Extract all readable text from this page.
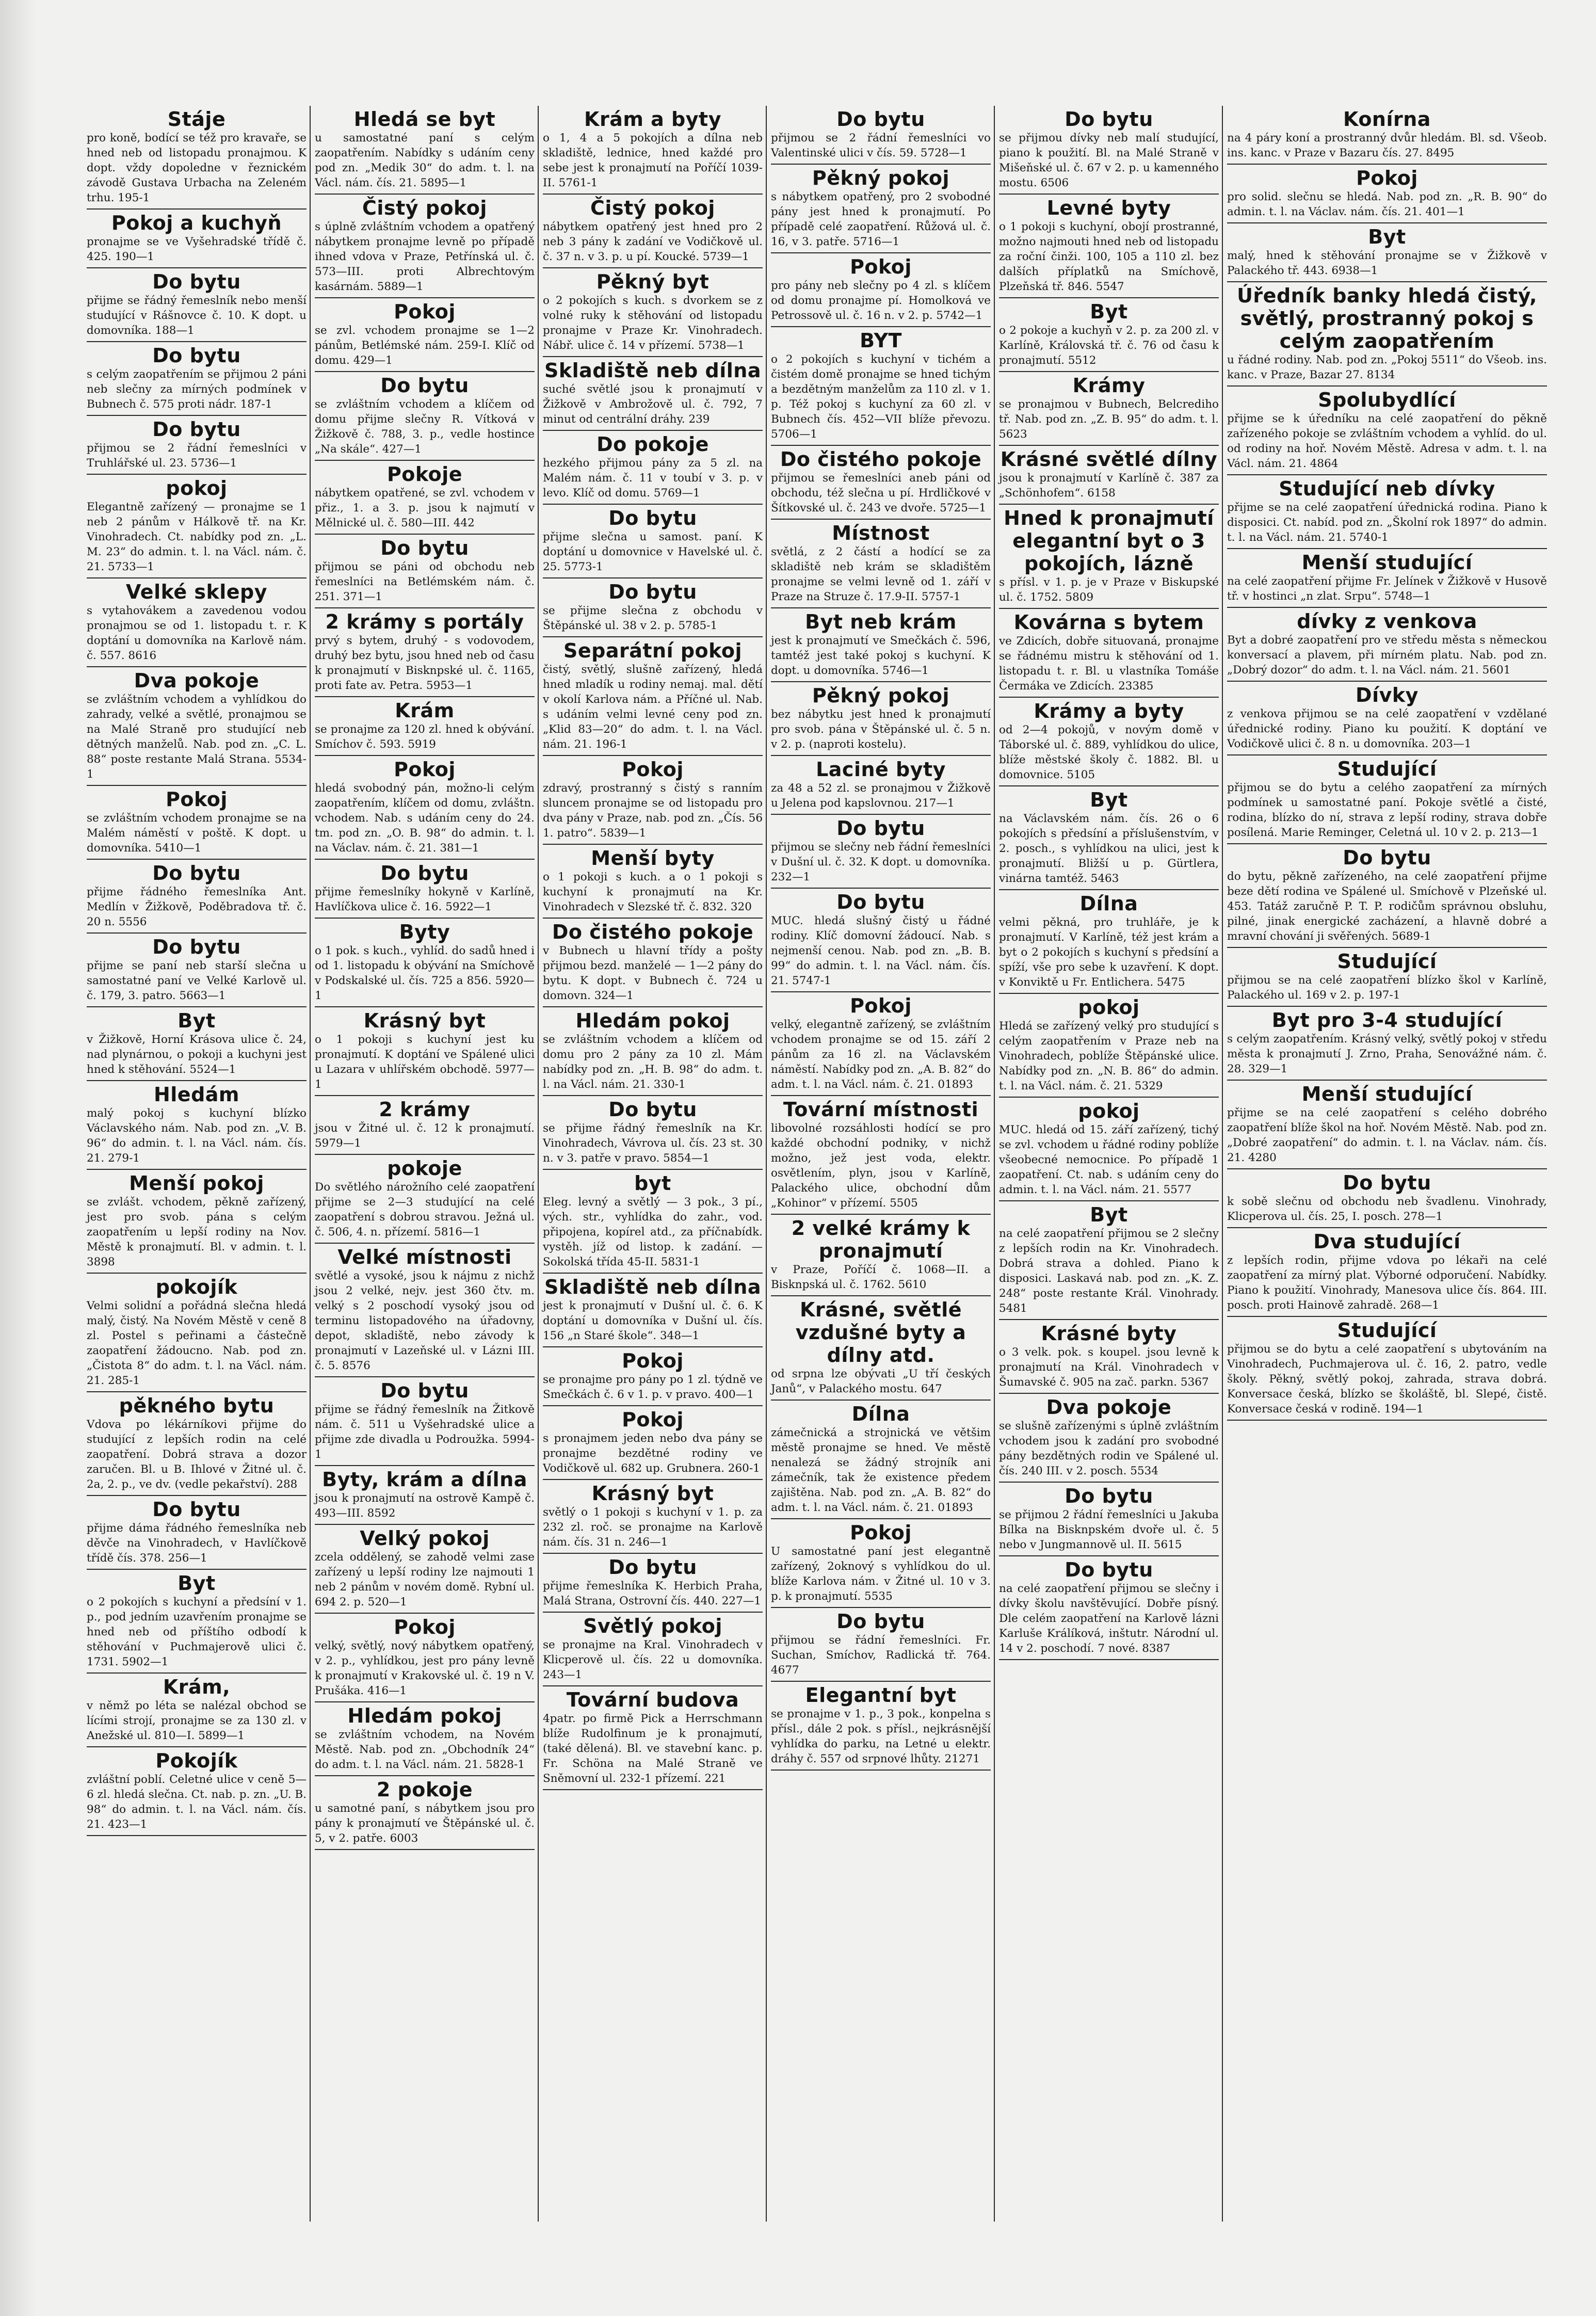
Stáje
pro koně, bodící se též pro kravaře, se hned neb od listopadu pronajmou. K dopt. vždy dopoledne v řeznickém závodě Gustava Urbacha na Zeleném trhu. 195-1
Pokoj a kuchyň
pronajme se ve Vyšehradské třídě č. 425. 190—1
Do bytu
přijme se řádný řemeslník nebo menší studující v Rášnovce č. 10. K dopt. u domovníka. 188—1
Do bytu
s celým zaopatřením se přijmou 2 páni neb slečny za mírných podmínek v Bubnech č. 575 proti nádr. 187-1
Do bytu
přijmou se 2 řádní řemeslníci v Truhlářské ul. 23. 5736—1
pokoj
Elegantně zařízený — pronajme se 1 neb 2 pánům v Hálkově tř. na Kr. Vinohradech. Ct. nabídky pod zn. „L. M. 23“ do admin. t. l. na Václ. nám. č. 21. 5733—1
Velké sklepy
s vytahovákem a zavedenou vodou pronajmou se od 1. listopadu t. r. K doptání u domovníka na Karlově nám. č. 557. 8616
Dva pokoje
se zvláštním vchodem a vyhlídkou do zahrady, velké a světlé, pronajmou se na Malé Straně pro studující neb dětných manželů. Nab. pod zn. „C. L. 88“ poste restante Malá Strana. 5534-1
Pokoj
se zvláštním vchodem pronajme se na Malém náměstí v poště. K dopt. u domovníka. 5410—1
Do bytu
přijme řádného řemeslníka Ant. Medlín v Žižkově, Poděbradova tř. č. 20 n. 5556
Do bytu
přijme se paní neb starší slečna u samostatné paní ve Velké Karlově ul. č. 179, 3. patro. 5663—1
Byt
v Žižkově, Horní Krásova ulice č. 24, nad plynárnou, o pokoji a kuchyni jest hned k stěhování. 5524—1
Hledám
malý pokoj s kuchyní blízko Václavského nám. Nab. pod zn. „V. B. 96“ do admin. t. l. na Václ. nám. čís. 21. 279-1
Menší pokoj
se zvlášt. vchodem, pěkně zařízený, jest pro svob. pána s celým zaopatřením u lepší rodiny na Nov. Městě k pronajmutí. Bl. v admin. t. l. 3898
pokojík
Velmi solidní a pořádná slečna hledá malý, čistý. Na Novém Městě v ceně 8 zl. Postel s peřinami a částečně zaopatření žádoucno. Nab. pod zn. „Čistota 8“ do adm. t. l. na Václ. nám. 21. 285-1
pěkného bytu
Vdova po lékárníkovi přijme do studující z lepších rodin na celé zaopatření. Dobrá strava a dozor zaručen. Bl. u B. Ihlové v Žitné ul. č. 2a, 2. p., ve dv. (vedle pekařství). 288
Do bytu
přijme dáma řádného řemeslníka neb děvče na Vinohradech, v Havlíčkově třídě čís. 378. 256—1
Byt
o 2 pokojích s kuchyní a předsíní v 1. p., pod jedním uzavřením pronajme se hned neb od příštího odbodí k stěhování v Puchmajerově ulici č. 1731. 5902—1
Krám,
v němž po léta se nalézal obchod se lícími strojí, pronajme se za 130 zl. v Anežské ul. 810—I. 5899—1
Pokojík
zvláštní poblí. Celetné ulice v ceně 5—6 zl. hledá slečna. Ct. nab. p. zn. „U. B. 98“ do admin. t. l. na Václ. nám. čís. 21. 423—1
Hledá se byt
u samostatné paní s celým zaopatřením. Nabídky s udáním ceny pod zn. „Medik 30“ do adm. t. l. na Václ. nám. čís. 21. 5895—1
Čistý pokoj
s úplně zvláštním vchodem a opatřený nábytkem pronajme levně po případě ihned vdova v Praze, Petřínská ul. č. 573—III. proti Albrechtovým kasárnám. 5889—1
Pokoj
se zvl. vchodem pronajme se 1—2 pánům, Betlémské nám. 259-I. Klíč od domu. 429—1
Do bytu
se zvláštním vchodem a klíčem od domu přijme slečny R. Vítková v Žižkově č. 788, 3. p., vedle hostince „Na skále“. 427—1
Pokoje
nábytkem opatřené, se zvl. vchodem v přiz., 1. a 3. p. jsou k najmutí v Mělnické ul. č. 580—III. 442
Do bytu
přijmou se páni od obchodu neb řemeslníci na Betlémském nám. č. 251. 371—1
2 krámy s portály
prvý s bytem, druhý - s vodovodem, druhý bez bytu, jsou hned neb od času k pronajmutí v Bisknpské ul. č. 1165, proti fate av. Petra. 5953—1
Krám
se pronajme za 120 zl. hned k obývání. Smíchov č. 593. 5919
Pokoj
hledá svobodný pán, možno-li celým zaopatřením, klíčem od domu, zvláštn. vchodem. Nab. s udáním ceny do 24. tm. pod zn. „O. B. 98“ do admin. t. l. na Václav. nám. č. 21. 381—1
Do bytu
přijme řemeslníky hokyně v Karlíně, Havlíčkova ulice č. 16. 5922—1
Byty
o 1 pok. s kuch., vyhlíd. do sadů hned i od 1. listopadu k obývání na Smíchově v Podskalské ul. čís. 725 a 856. 5920—1
Krásný byt
o 1 pokoji s kuchyní jest ku pronajmutí. K doptání ve Spálené ulici u Lazara v uhlířském obchodě. 5977—1
2 krámy
jsou v Žitné ul. č. 12 k pronajmutí. 5979—1
pokoje
Do světlého nárožního celé zaopatření přijme se 2—3 studující na celé zaopatření s dobrou stravou. Ježná ul. č. 506, 4. n. přízemí. 5816—1
Velké místnosti
světlé a vysoké, jsou k nájmu z nichž jsou 2 velké, nejv. jest 360 čtv. m. velký s 2 poschodí vysoký jsou od terminu listopadového na úřadovny, depot, skladiště, nebo závody k pronajmutí v Lazeňské ul. v Lázni III. č. 5. 8576
Do bytu
přijme se řádný řemeslník na Žitkově nám. č. 511 u Vyšehradské ulice a přijme zde divadla u Podroužka. 5994-1
Byty, krám a dílna
jsou k pronajmutí na ostrově Kampě č. 493—III. 8592
Velký pokoj
zcela oddělený, se zahodě velmi zase zařízený u lepší rodiny lze najmouti 1 neb 2 pánům v novém domě. Rybní ul. 694 2. p. 520—1
Pokoj
velký, světlý, nový nábytkem opatřený, v 2. p., vyhlídkou, jest pro pány levně k pronajmutí v Krakovské ul. č. 19 n V. Prušáka. 416—1
Hledám pokoj
se zvláštním vchodem, na Novém Městě. Nab. pod zn. „Obchodník 24“ do adm. t. l. na Václ. nám. 21. 5828-1
2 pokoje
u samotné paní, s nábytkem jsou pro pány k pronajmutí ve Štěpánské ul. č. 5, v 2. patře. 6003
Krám a byty
o 1, 4 a 5 pokojích a dílna neb skladiště, lednice, hned každé pro sebe jest k pronajmutí na Poříčí 1039-II. 5761-1
Čistý pokoj
nábytkem opatřený jest hned pro 2 neb 3 pány k zadání ve Vodičkově ul. č. 37 n. v 3. p. u pí. Koucké. 5739—1
Pěkný byt
o 2 pokojích s kuch. s dvorkem se z volné ruky k stěhování od listopadu pronajme v Praze Kr. Vinohradech. Nábř. ulice č. 14 v přízemí. 5738—1
Skladiště neb dílna
suché světlé jsou k pronajmutí v Žižkově v Ambrožově ul. č. 792, 7 minut od centrální dráhy. 239
Do pokoje
hezkého přijmou pány za 5 zl. na Malém nám. č. 11 v toubí v 3. p. v levo. Klíč od domu. 5769—1
Do bytu
přijme slečna u samost. paní. K doptání u domovnice v Havelské ul. č. 25. 5773-1
Do bytu
se přijme slečna z obchodu v Štěpánské ul. 38 v 2. p. 5785-1
Separátní pokoj
čistý, světlý, slušně zařízený, hledá hned mladík u rodiny nemaj. mal. dětí v okolí Karlova nám. a Příčné ul. Nab. s udáním velmi levné ceny pod zn. „Klid 83—20“ do adm. t. l. na Václ. nám. 21. 196-1
Pokoj
zdravý, prostranný s čistý s ranním sluncem pronajme se od listopadu pro dva pány v Praze, nab. pod zn. „Čís. 56 1. patro“. 5839—1
Menší byty
o 1 pokoji s kuch. a o 1 pokoji s kuchyní k pronajmutí na Kr. Vinohradech v Slezské tř. č. 832. 320
Do čistého pokoje
v Bubnech u hlavní třídy a pošty přijmou bezd. manželé — 1—2 pány do bytu. K dopt. v Bubnech č. 724 u domovn. 324—1
Hledám pokoj
se zvláštním vchodem a klíčem od domu pro 2 pány za 10 zl. Mám nabídky pod zn. „H. B. 98“ do adm. t. l. na Václ. nám. 21. 330-1
Do bytu
se přijme řádný řemeslník na Kr. Vinohradech, Vávrova ul. čís. 23 st. 30 n. v 3. patře v pravo. 5854—1
byt
Eleg. levný a světlý — 3 pok., 3 pí., vých. str., vyhlídka do zahr., vod. připojena, kopírel atd., za příčnabídk. vystěh. jíž od listop. k zadání. — Sokolská třída 45-II. 5831-1
Skladiště neb dílna
jest k pronajmutí v Dušní ul. č. 6. K doptání u domovníka v Dušní ul. čís. 156 „n Staré škole“. 348—1
Pokoj
se pronajme pro pány po 1 zl. týdně ve Smečkách č. 6 v 1. p. v pravo. 400—1
Pokoj
s pronajmem jeden nebo dva pány se pronajme bezdětné rodiny ve Vodičkově ul. 682 up. Grubnera. 260-1
Krásný byt
světlý o 1 pokoji s kuchyní v 1. p. za 232 zl. roč. se pronajme na Karlově nám. čís. 31 n. 246—1
Do bytu
přijme řemeslníka K. Herbich Praha, Malá Strana, Ostrovní čís. 440. 227—1
Světlý pokoj
se pronajme na Kral. Vinohradech v Klicperově ul. čís. 22 u domovníka. 243—1
Tovární budova
4patr. po firmě Pick a Herrschmann blíže Rudolfinum je k pronajmutí, (také dělená). Bl. ve stavební kanc. p. Fr. Schöna na Malé Straně ve Sněmovní ul. 232-1 přízemí. 221
Do bytu
přijmou se 2 řádní řemeslníci vo Valentinské ulici v čís. 59. 5728—1
Pěkný pokoj
s nábytkem opatřený, pro 2 svobodné pány jest hned k pronajmutí. Po případě celé zaopatření. Růžová ul. č. 16, v 3. patře. 5716—1
Pokoj
pro pány neb slečny po 4 zl. s klíčem od domu pronajme pí. Homolková ve Petrossově ul. č. 16 n. v 2. p. 5742—1
BYT
o 2 pokojích s kuchyní v tichém a čistém domě pronajme se hned tichým a bezdětným manželům za 110 zl. v 1. p. Též pokoj s kuchyní za 60 zl. v Bubnech čís. 452—VII blíže převozu. 5706—1
Do čistého pokoje
přijmou se řemeslníci aneb páni od obchodu, též slečna u pí. Hrdličkové v Šítkovské ul. č. 243 ve dvoře. 5725—1
Místnost
světlá, z 2 částí a hodící se za skladiště neb krám se skladištěm pronajme se velmi levně od 1. září v Praze na Struze č. 17.9-II. 5757-1
Byt neb krám
jest k pronajmutí ve Smečkách č. 596, tamtéž jest také pokoj s kuchyní. K dopt. u domovníka. 5746—1
Pěkný pokoj
bez nábytku jest hned k pronajmutí pro svob. pána v Štěpánské ul. č. 5 n. v 2. p. (naproti kostelu).
Laciné byty
za 48 a 52 zl. se pronajmou v Žižkově u Jelena pod kapslovnou. 217—1
Do bytu
přijmou se slečny neb řádní řemeslníci v Dušní ul. č. 32. K dopt. u domovníka. 232—1
Do bytu
MUC. hledá slušný čistý u řádné rodiny. Klíč domovní žádoucí. Nab. s nejmenší cenou. Nab. pod zn. „B. B. 99“ do admin. t. l. na Václ. nám. čís. 21. 5747-1
Pokoj
velký, elegantně zařízený, se zvláštním vchodem pronajme se od 15. září 2 pánům za 16 zl. na Václavském náměstí. Nabídky pod zn. „A. B. 82“ do adm. t. l. na Václ. nám. č. 21. 01893
Tovární místnosti
libovolné rozsáhlosti hodící se pro každé obchodní podniky, v nichž možno, jež jest voda, elektr. osvětlením, plyn, jsou v Karlíně, Palackého ulice, obchodní dům „Kohinor“ v přízemí. 5505
2 velké krámy k pronajmutí
v Praze, Poříčí č. 1068—II. a Bisknpská ul. č. 1762. 5610
Krásné, světlé vzdušné byty a dílny atd.
od srpna lze obývati „U tří českých Janů“, v Palackého mostu. 647
Dílna
zámečnická a strojnická ve většim městě pronajme se hned. Ve městě nenalezá se žádný strojník ani zámečník, tak že existence předem zajištěna. Nab. pod zn. „A. B. 82“ do adm. t. l. na Václ. nám. č. 21. 01893
Pokoj
U samostatné paní jest elegantně zařízený, 2oknový s vyhlídkou do ul. blíže Karlova nám. v Žitné ul. 10 v 3. p. k pronajmutí. 5535
Do bytu
přijmou se řádní řemeslníci. Fr. Suchan, Smíchov, Radlická tř. 764. 4677
Elegantní byt
se pronajme v 1. p., 3 pok., konpelna s přísl., dále 2 pok. s přísl., nejkrásnější vyhlídka do parku, na Letné u elektr. dráhy č. 557 od srpnové lhůty. 21271
Do bytu
se přijmou dívky neb malí studující, piano k použití. Bl. na Malé Straně v Mišeňské ul. č. 67 v 2. p. u kamenného mostu. 6506
Levné byty
o 1 pokoji s kuchyní, obojí prostranné, možno najmouti hned neb od listopadu za roční činži. 100, 105 a 110 zl. bez dalších příplatků na Smíchově, Plzeňská tř. 846. 5547
Byt
o 2 pokoje a kuchyň v 2. p. za 200 zl. v Karlíně, Královská tř. č. 76 od času k pronajmutí. 5512
Krámy
se pronajmou v Bubnech, Belcrediho tř. Nab. pod zn. „Z. B. 95“ do adm. t. l. 5623
Krásné světlé dílny
jsou k pronajmutí v Karlíně č. 387 za „Schönhofem“. 6158
Hned k pronajmutí elegantní byt o 3 pokojích, lázně
s přísl. v 1. p. je v Praze v Biskupské ul. č. 1752. 5809
Kovárna s bytem
ve Zdicích, dobře situovaná, pronajme se řádnému mistru k stěhování od 1. listopadu t. r. Bl. u vlastníka Tomáše Čermáka ve Zdicích. 23385
Krámy a byty
od 2—4 pokojů, v novým domě v Táborské ul. č. 889, vyhlídkou do ulice, blíže městské školy č. 1882. Bl. u domovnice. 5105
Byt
na Václavském nám. čís. 26 o 6 pokojích s předsíní a příslušenstvím, v 2. posch., s vyhlídkou na ulici, jest k pronajmutí. Bližší u p. Gürtlera, vinárna tamtéž. 5463
Dílna
velmi pěkná, pro truhláře, je k pronajmutí. V Karlíně, též jest krám a byt o 2 pokojích s kuchyní s předsíní a spíží, vše pro sebe k uzavření. K dopt. v Konviktě u Fr. Entlichera. 5475
pokoj
Hledá se zařízený velký pro studující s celým zaopatřením v Praze neb na Vinohradech, poblíže Štěpánské ulice. Nabídky pod zn. „N. B. 86“ do admin. t. l. na Václ. nám. č. 21. 5329
pokoj
MUC. hledá od 15. září zařízený, tichý se zvl. vchodem u řádné rodiny poblíže všeobecné nemocnice. Po případě 1 zaopatření. Ct. nab. s udáním ceny do admin. t. l. na Václ. nám. 21. 5577
Byt
na celé zaopatření přijmou se 2 slečny z lepších rodin na Kr. Vinohradech. Dobrá strava a dohled. Piano k disposici. Laskavá nab. pod zn. „K. Z. 248“ poste restante Král. Vinohrady. 5481
Krásné byty
o 3 velk. pok. s koupel. jsou levně k pronajmutí na Král. Vinohradech v Šumavské č. 905 na zač. parkn. 5367
Dva pokoje
se slušně zařízenými s úplně zvláštním vchodem jsou k zadání pro svobodné pány bezdětných rodin ve Spálené ul. čís. 240 III. v 2. posch. 5534
Do bytu
se přijmou 2 řádní řemeslníci u Jakuba Bílka na Bisknpském dvoře ul. č. 5 nebo v Jungmannově ul. II. 5615
Do bytu
na celé zaopatření přijmou se slečny i dívky školu navštěvující. Dobře písný. Dle celém zaopatření na Karlově lázni Karluše Králíková, inštutr. Národní ul. 14 v 2. poschodí. 7 nové. 8387
Konírna
na 4 páry koní a prostranný dvůr hledám. Bl. sd. Všeob. ins. kanc. v Praze v Bazaru čís. 27. 8495
Pokoj
pro solid. slečnu se hledá. Nab. pod zn. „R. B. 90“ do admin. t. l. na Václav. nám. čís. 21. 401—1
Byt
malý, hned k stěhování pronajme se v Žižkově v Palackého tř. 443. 6938—1
Úředník banky hledá čistý, světlý, prostranný pokoj s celým zaopatřením
u řádné rodiny. Nab. pod zn. „Pokoj 5511“ do Všeob. ins. kanc. v Praze, Bazar 27. 8134
Spolubydlící
přijme se k úředníku na celé zaopatření do pěkně zařízeného pokoje se zvláštním vchodem a vyhlíd. do ul. od rodiny na hoř. Novém Městě. Adresa v adm. t. l. na Václ. nám. 21. 4864
Studující neb dívky
přijme se na celé zaopatření úřednická rodina. Piano k disposici. Ct. nabíd. pod zn. „Školní rok 1897“ do admin. t. l. na Václ. nám. 21. 5740-1
Menší studující
na celé zaopatření přijme Fr. Jelínek v Žižkově v Husově tř. v hostinci „n zlat. Srpu“. 5748—1
dívky z venkova
Byt a dobré zaopatření pro ve středu města s německou konversací a plavem, při mírném platu. Nab. pod zn. „Dobrý dozor“ do adm. t. l. na Václ. nám. 21. 5601
Dívky
z venkova přijmou se na celé zaopatření v vzdělané úřednické rodiny. Piano ku použití. K doptání ve Vodičkově ulici č. 8 n. u domovníka. 203—1
Studující
přijmou se do bytu a celého zaopatření za mírných podmínek u samostatné paní. Pokoje světlé a čisté, rodina, blízko do ní, strava z lepší rodiny, strava dobře posílená. Marie Reminger, Celetná ul. 10 v 2. p. 213—1
Do bytu
do bytu, pěkně zařízeného, na celé zaopatření přijme beze dětí rodina ve Spálené ul. Smíchově v Plzeňské ul. 453. Tatáž zaručně P. T. P. rodičům správnou obsluhu, pilné, jinak energické zacházení, a hlavně dobré a mravní chování ji svěřených. 5689-1
Studující
přijmou se na celé zaopatření blízko škol v Karlíně, Palackého ul. 169 v 2. p. 197-1
Byt pro 3-4 studující
s celým zaopatřením. Krásný velký, světlý pokoj v středu města k pronajmutí J. Zrno, Praha, Senovážné nám. č. 28. 329—1
Menší studující
přijme se na celé zaopatření s celého dobrého zaopatření blíže škol na hoř. Novém Městě. Nab. pod zn. „Dobré zaopatření“ do admin. t. l. na Václav. nám. čís. 21. 4280
Do bytu
k sobě slečnu od obchodu neb švadlenu. Vinohrady, Klicperova ul. čís. 25, I. posch. 278—1
Dva studující
z lepších rodin, přijme vdova po lékaři na celé zaopatření za mírný plat. Výborné odporučení. Nabídky. Piano k použití. Vinohrady, Manesova ulice čís. 864. III. posch. proti Hainově zahradě. 268—1
Studující
přijmou se do bytu a celé zaopatření s ubytováním na Vinohradech, Puchmajerova ul. č. 16, 2. patro, vedle školy. Pěkný, světlý pokoj, zahrada, strava dobrá. Konversace česká, blízko se školáště, bl. Slepé, čistě. Konversace česká v rodině. 194—1
